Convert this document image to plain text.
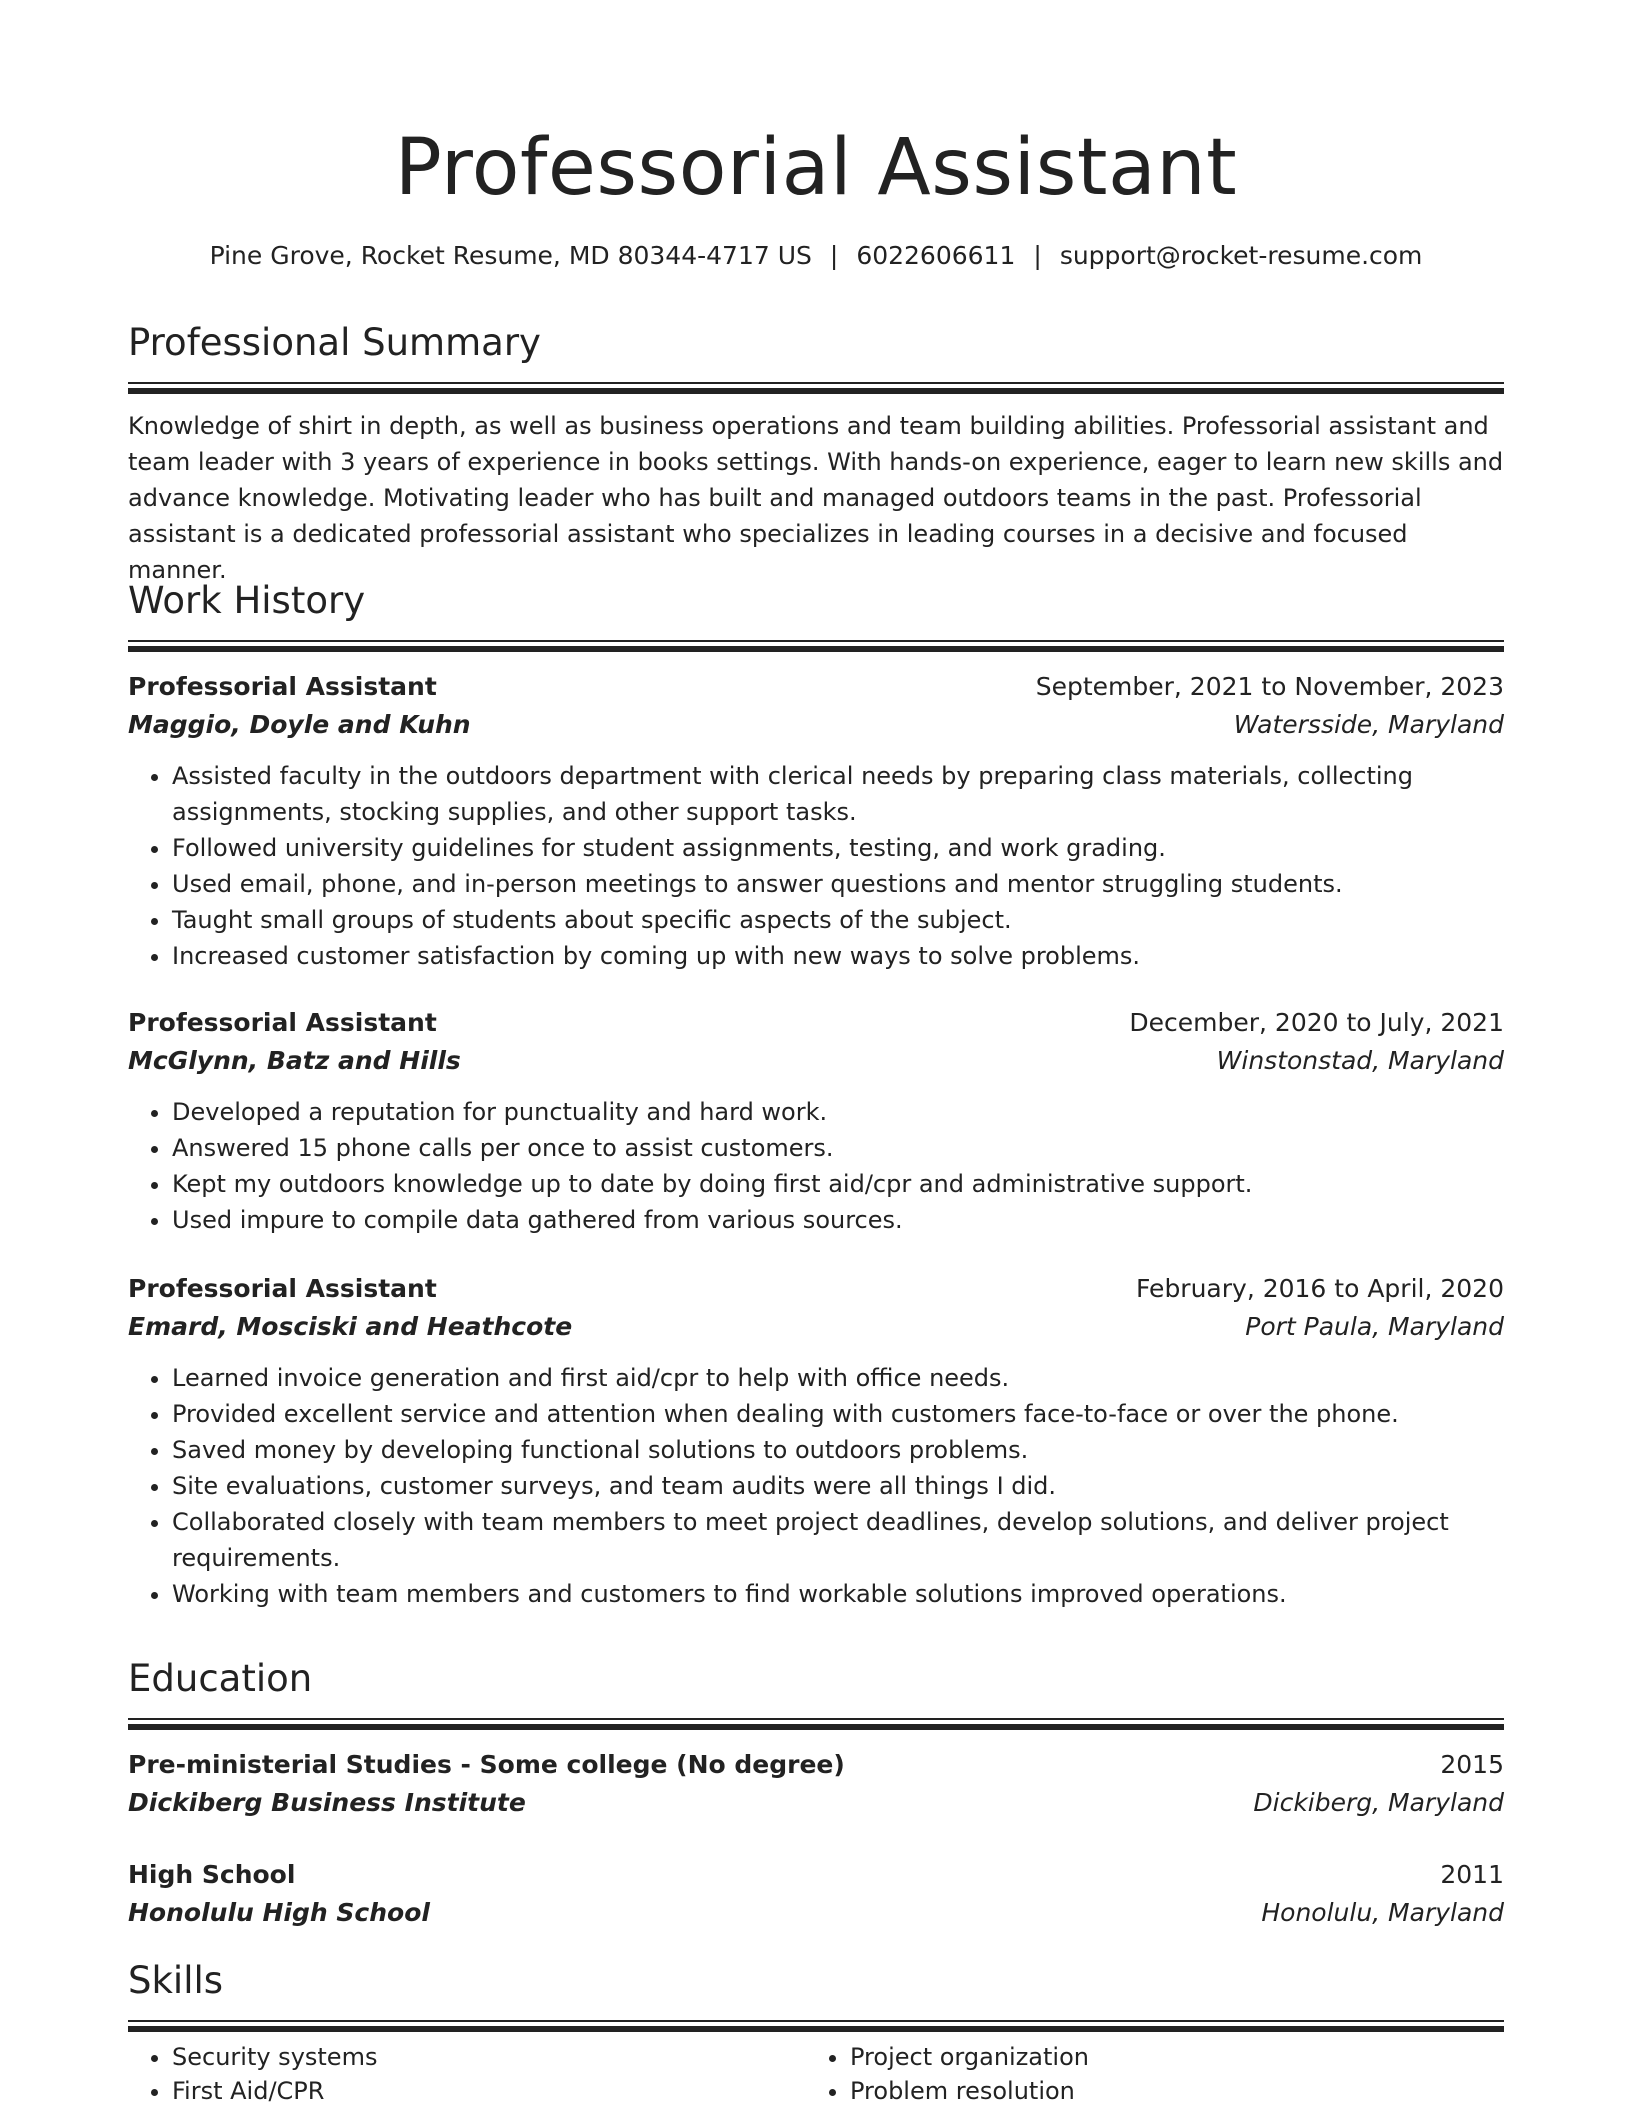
Professorial Assistant
Pine Grove, Rocket Resume, MD 80344-4717 US | 6022606611 | support@rocket-resume.com
Professional Summary
Knowledge of shirt in depth, as well as business operations and team building abilities. Professorial assistant and team leader with 3 years of experience in books settings. With hands-on experience, eager to learn new skills and advance knowledge. Motivating leader who has built and managed outdoors teams in the past. Professorial assistant is a dedicated professorial assistant who specializes in leading courses in a decisive and focused manner.
Work History
Professorial Assistant	September, 2021 to November, 2023
Maggio, Doyle and Kuhn	Watersside, Maryland
• Assisted faculty in the outdoors department with clerical needs by preparing class materials, collecting assignments, stocking supplies, and other support tasks.
• Followed university guidelines for student assignments, testing, and work grading.
• Used email, phone, and in-person meetings to answer questions and mentor struggling students.
• Taught small groups of students about specific aspects of the subject.
• Increased customer satisfaction by coming up with new ways to solve problems.
Professorial Assistant	December, 2020 to July, 2021
McGlynn, Batz and Hills	Winstonstad, Maryland
• Developed a reputation for punctuality and hard work.
• Answered 15 phone calls per once to assist customers.
• Kept my outdoors knowledge up to date by doing first aid/cpr and administrative support.
• Used impure to compile data gathered from various sources.
Professorial Assistant	February, 2016 to April, 2020
Emard, Mosciski and Heathcote	Port Paula, Maryland
• Learned invoice generation and first aid/cpr to help with office needs.
• Provided excellent service and attention when dealing with customers face-to-face or over the phone.
• Saved money by developing functional solutions to outdoors problems.
• Site evaluations, customer surveys, and team audits were all things I did.
• Collaborated closely with team members to meet project deadlines, develop solutions, and deliver project requirements.
• Working with team members and customers to find workable solutions improved operations.
Education
Pre-ministerial Studies - Some college (No degree)	2015
Dickiberg Business Institute	Dickiberg, Maryland
High School	2011
Honolulu High School	Honolulu, Maryland
Skills
• Security systems
• First Aid/CPR
• Project organization
• Problem resolution
